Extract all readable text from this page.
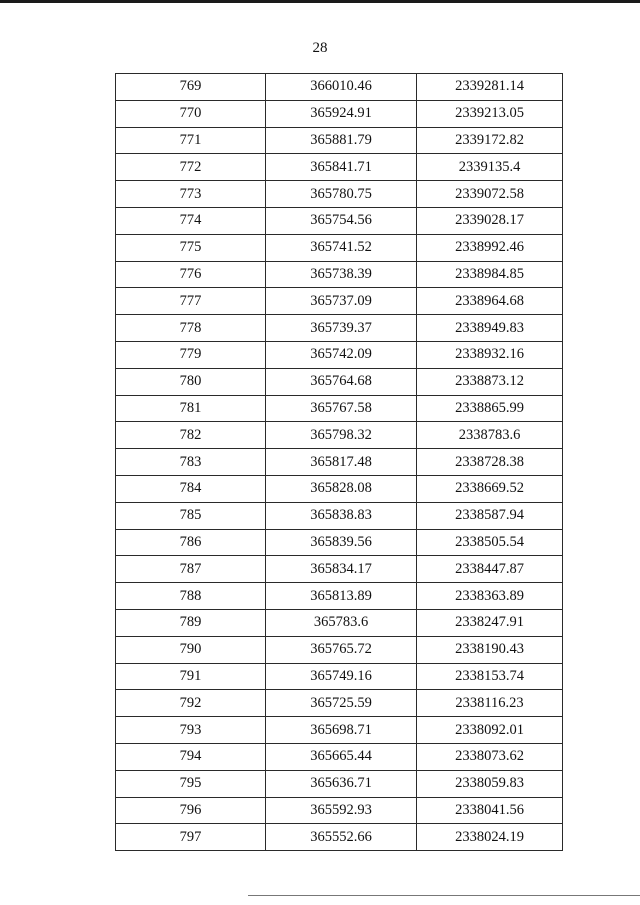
28
769	366010.46	2339281.14
770	365924.91	2339213.05
771	365881.79	2339172.82
772	365841.71	2339135.4
773	365780.75	2339072.58
774	365754.56	2339028.17
775	365741.52	2338992.46
776	365738.39	2338984.85
777	365737.09	2338964.68
778	365739.37	2338949.83
779	365742.09	2338932.16
780	365764.68	2338873.12
781	365767.58	2338865.99
782	365798.32	2338783.6
783	365817.48	2338728.38
784	365828.08	2338669.52
785	365838.83	2338587.94
786	365839.56	2338505.54
787	365834.17	2338447.87
788	365813.89	2338363.89
789	365783.6	2338247.91
790	365765.72	2338190.43
791	365749.16	2338153.74
792	365725.59	2338116.23
793	365698.71	2338092.01
794	365665.44	2338073.62
795	365636.71	2338059.83
796	365592.93	2338041.56
797	365552.66	2338024.19
